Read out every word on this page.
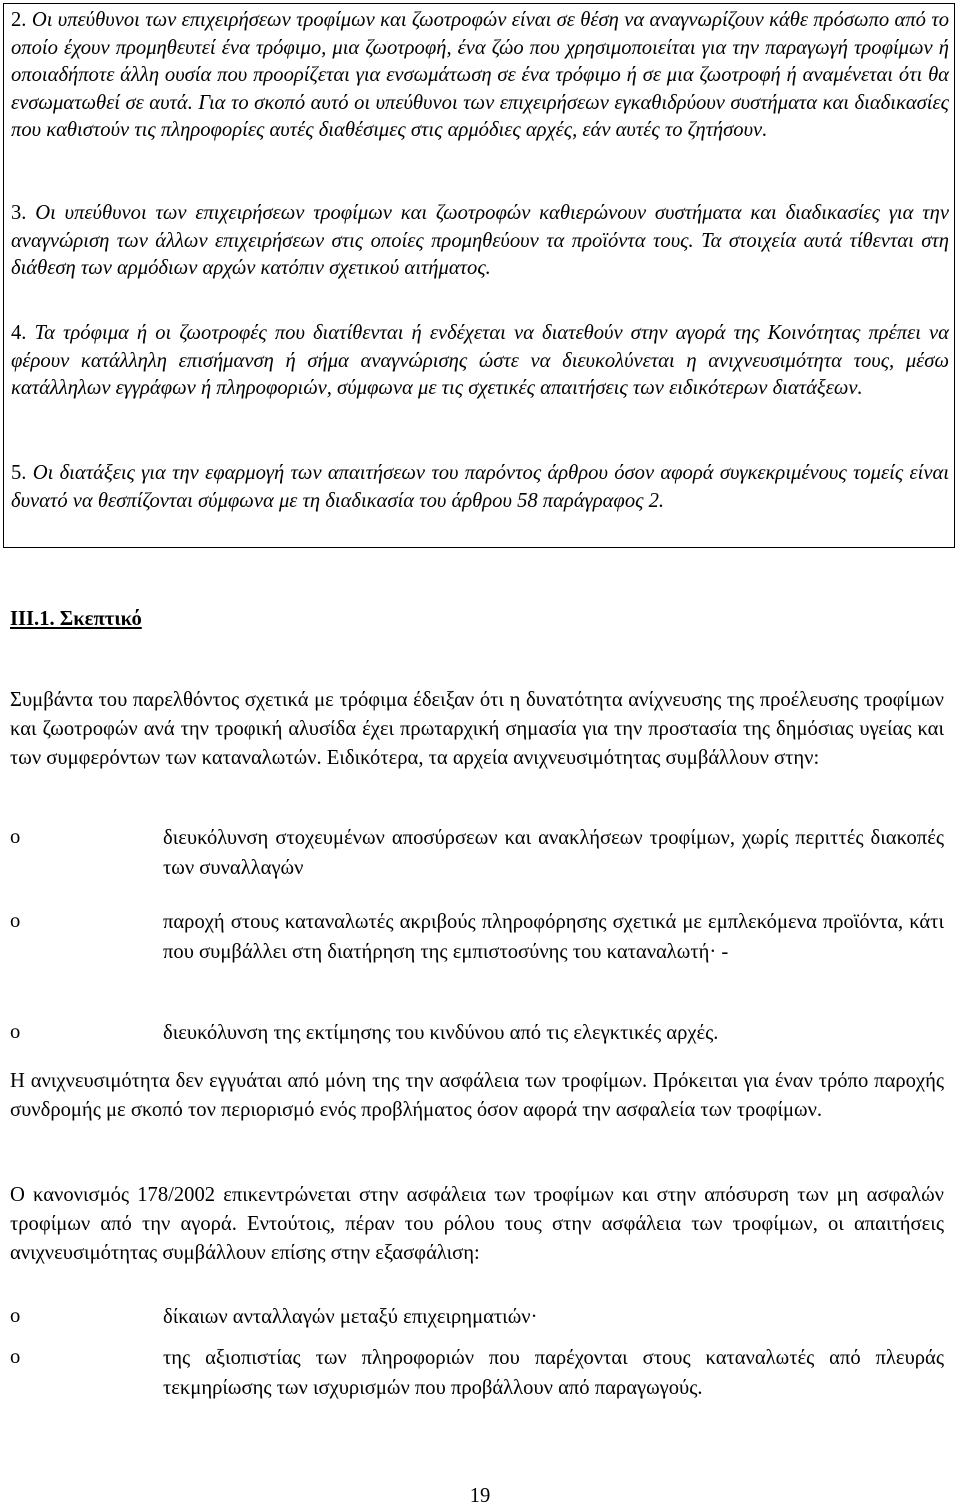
2. Οι υπεύθυνοι των επιχειρήσεων τροφίμων και ζωοτροφών είναι σε θέση να αναγνωρίζουν κάθε πρόσωπο από το οποίο έχουν προμηθευτεί ένα τρόφιμο, μια ζωοτροφή, ένα ζώο που χρησιμοποιείται για την παραγωγή τροφίμων ή οποιαδήποτε άλλη ουσία που προορίζεται για ενσωμάτωση σε ένα τρόφιμο ή σε μια ζωοτροφή ή αναμένεται ότι θα ενσωματωθεί σε αυτά. Για το σκοπό αυτό οι υπεύθυνοι των επιχειρήσεων εγκαθιδρύουν συστήματα και διαδικασίες που καθιστούν τις πληροφορίες αυτές διαθέσιμες στις αρμόδιες αρχές, εάν αυτές το ζητήσουν.

3. Οι υπεύθυνοι των επιχειρήσεων τροφίμων και ζωοτροφών καθιερώνουν συστήματα και διαδικασίες για την αναγνώριση των άλλων επιχειρήσεων στις οποίες προμηθεύουν τα προϊόντα τους. Τα στοιχεία αυτά τίθενται στη διάθεση των αρμόδιων αρχών κατόπιν σχετικού αιτήματος.

4. Τα τρόφιμα ή οι ζωοτροφές που διατίθενται ή ενδέχεται να διατεθούν στην αγορά της Κοινότητας πρέπει να φέρουν κατάλληλη επισήμανση ή σήμα αναγνώρισης ώστε να διευκολύνεται η ανιχνευσιμότητα τους, μέσω κατάλληλων εγγράφων ή πληροφοριών, σύμφωνα με τις σχετικές απαιτήσεις των ειδικότερων διατάξεων.

5. Οι διατάξεις για την εφαρμογή των απαιτήσεων του παρόντος άρθρου όσον αφορά συγκεκριμένους τομείς είναι δυνατό να θεσπίζονται σύμφωνα με τη διαδικασία του άρθρου 58 παράγραφος 2.

ΙΙΙ.1. Σκεπτικό

Συμβάντα του παρελθόντος σχετικά με τρόφιμα έδειξαν ότι η δυνατότητα ανίχνευσης της προέλευσης τροφίμων και ζωοτροφών ανά την τροφική αλυσίδα έχει πρωταρχική σημασία για την προστασία της δημόσιας υγείας και των συμφερόντων των καταναλωτών. Ειδικότερα, τα αρχεία ανιχνευσιμότητας συμβάλλουν στην:

Η ανιχνευσιμότητα δεν εγγυάται από μόνη της την ασφάλεια των τροφίμων. Πρόκειται για έναν τρόπο παροχής συνδρομής με σκοπό τον περιορισμό ενός προβλήματος όσον αφορά την ασφαλεία των τροφίμων.

Ο κανονισμός 178/2002 επικεντρώνεται στην ασφάλεια των τροφίμων και στην απόσυρση των μη ασφαλών τροφίμων από την αγορά. Εντούτοις, πέραν του ρόλου τους στην ασφάλεια των τροφίμων, οι απαιτήσεις ανιχνευσιμότητας συμβάλλουν επίσης στην εξασφάλιση:

o	διευκόλυνση στοχευμένων αποσύρσεων και ανακλήσεων τροφίμων, χωρίς περιττές διακοπές των συναλλαγών

o	παροχή στους καταναλωτές ακριβούς πληροφόρησης σχετικά με εμπλεκόμενα προϊόντα, κάτι που συμβάλλει στη διατήρηση της εμπιστοσύνης του καταναλωτή· -

o	διευκόλυνση της εκτίμησης του κινδύνου από τις ελεγκτικές αρχές.

o	δίκαιων ανταλλαγών μεταξύ επιχειρηματιών·

o	της αξιοπιστίας των πληροφοριών που παρέχονται στους καταναλωτές από πλευράς τεκμηρίωσης των ισχυρισμών που προβάλλουν από παραγωγούς.

19
